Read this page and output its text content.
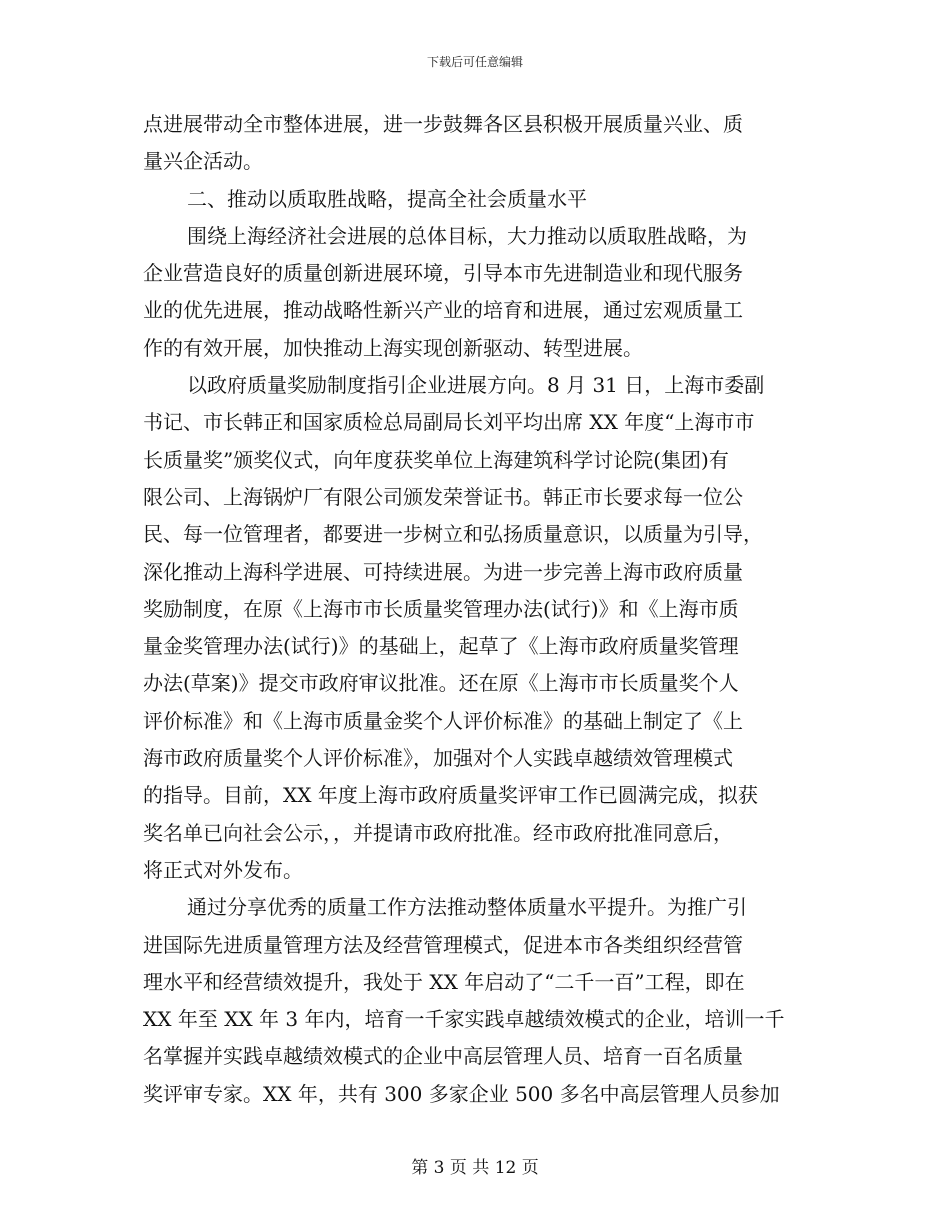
下载后可任意编辑
点进展带动全市整体进展，进一步鼓舞各区县积极开展质量兴业、质
量兴企活动。
二、推动以质取胜战略，提高全社会质量水平
围绕上海经济社会进展的总体目标，大力推动以质取胜战略，为
企业营造良好的质量创新进展环境，引导本市先进制造业和现代服务
业的优先进展，推动战略性新兴产业的培育和进展，通过宏观质量工
作的有效开展，加快推动上海实现创新驱动、转型进展。
以政府质量奖励制度指引企业进展方向。8 月 31 日，上海市委副
书记、市长韩正和国家质检总局副局长刘平均出席 XX 年度“上海市市
长质量奖”颁奖仪式，向年度获奖单位上海建筑科学讨论院(集团)有
限公司、上海锅炉厂有限公司颁发荣誉证书。韩正市长要求每一位公
民、每一位管理者，都要进一步树立和弘扬质量意识，以质量为引导，
深化推动上海科学进展、可持续进展。为进一步完善上海市政府质量
奖励制度，在原《上海市市长质量奖管理办法(试行)》和《上海市质
量金奖管理办法(试行)》的基础上，起草了《上海市政府质量奖管理
办法(草案)》提交市政府审议批准。还在原《上海市市长质量奖个人
评价标准》和《上海市质量金奖个人评价标准》的基础上制定了《上
海市政府质量奖个人评价标准》，加强对个人实践卓越绩效管理模式
的指导。目前，XX 年度上海市政府质量奖评审工作已圆满完成，拟获
奖名单已向社会公示，，并提请市政府批准。经市政府批准同意后，
将正式对外发布。
通过分享优秀的质量工作方法推动整体质量水平提升。为推广引
进国际先进质量管理方法及经营管理模式，促进本市各类组织经营管
理水平和经营绩效提升，我处于 XX 年启动了“二千一百”工程，即在
XX 年至 XX 年 3 年内，培育一千家实践卓越绩效模式的企业，培训一千
名掌握并实践卓越绩效模式的企业中高层管理人员、培育一百名质量
奖评审专家。XX 年，共有 300 多家企业 500 多名中高层管理人员参加
第 3 页 共 12 页
